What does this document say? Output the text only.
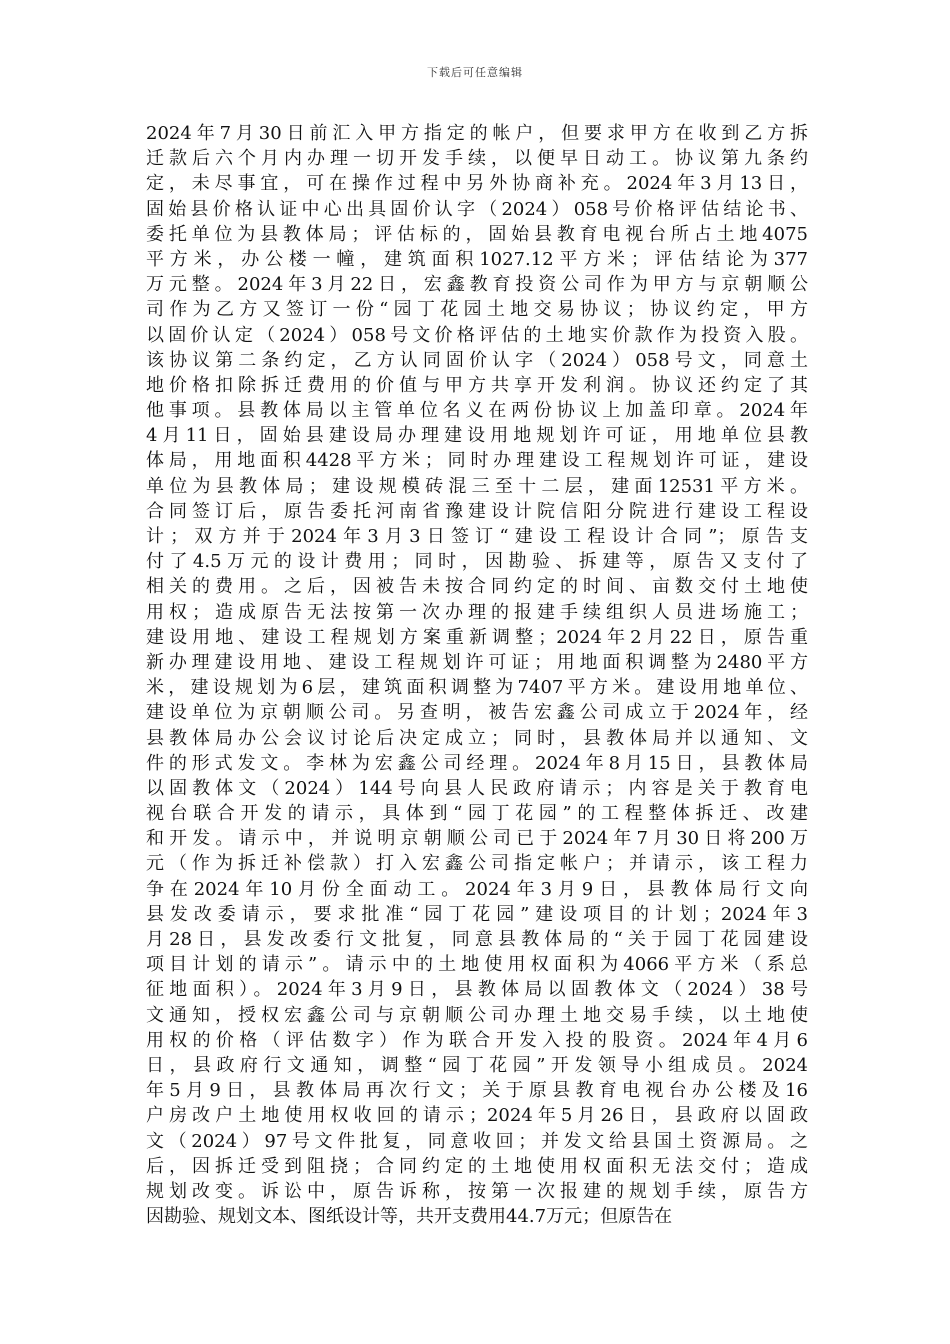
下载后可任意编辑
2024年7月30日前汇入甲方指定的帐户，但要求甲方在收到乙方拆
迁款后六个月内办理一切开发手续，以便早日动工。协议第九条约
定，未尽事宜，可在操作过程中另外协商补充。2024年3月13日，
固始县价格认证中心出具固价认字（2024）058号价格评估结论书、
委托单位为县教体局；评估标的，固始县教育电视台所占土地4075
平方米，办公楼一幢，建筑面积1027.12平方米；评估结论为377
万元整。2024年3月22日，宏鑫教育投资公司作为甲方与京朝顺公
司作为乙方又签订一份“园丁花园土地交易协议；协议约定，甲方
以固价认定（2024）058号文价格评估的土地实价款作为投资入股。
该协议第二条约定，乙方认同固价认字（2024）058号文，同意土
地价格扣除拆迁费用的价值与甲方共享开发利润。协议还约定了其
他事项。县教体局以主管单位名义在两份协议上加盖印章。2024年
4月11日，固始县建设局办理建设用地规划许可证，用地单位县教
体局，用地面积4428平方米；同时办理建设工程规划许可证，建设
单位为县教体局；建设规模砖混三至十二层，建面12531平方米。
合同签订后，原告委托河南省豫建设计院信阳分院进行建设工程设
计；双方并于2024年3月3日签订“建设工程设计合同”；原告支
付了4.5万元的设计费用；同时，因勘验、拆建等，原告又支付了
相关的费用。之后，因被告未按合同约定的时间、亩数交付土地使
用权；造成原告无法按第一次办理的报建手续组织人员进场施工；
建设用地、建设工程规划方案重新调整；2024年2月22日，原告重
新办理建设用地、建设工程规划许可证；用地面积调整为2480平方
米，建设规划为6层，建筑面积调整为7407平方米。建设用地单位、
建设单位为京朝顺公司。另查明，被告宏鑫公司成立于2024年，经
县教体局办公会议讨论后决定成立；同时，县教体局并以通知、文
件的形式发文。李林为宏鑫公司经理。2024年8月15日，县教体局
以固教体文（2024）144号向县人民政府请示；内容是关于教育电
视台联合开发的请示，具体到“园丁花园”的工程整体拆迁、改建
和开发。请示中，并说明京朝顺公司已于2024年7月30日将200万
元（作为拆迁补偿款）打入宏鑫公司指定帐户；并请示，该工程力
争在2024年10月份全面动工。2024年3月9日，县教体局行文向
县发改委请示，要求批准“园丁花园”建设项目的计划；2024年3
月28日，县发改委行文批复，同意县教体局的“关于园丁花园建设
项目计划的请示”。请示中的土地使用权面积为4066平方米（系总
征地面积）。2024年3月9日，县教体局以固教体文（2024）38号
文通知，授权宏鑫公司与京朝顺公司办理土地交易手续，以土地使
用权的价格（评估数字）作为联合开发入投的股资。2024年4月6
日，县政府行文通知，调整“园丁花园”开发领导小组成员。2024
年5月9日，县教体局再次行文；关于原县教育电视台办公楼及16
户房改户土地使用权收回的请示；2024年5月26日，县政府以固政
文（2024）97号文件批复，同意收回；并发文给县国土资源局。之
后，因拆迁受到阻挠；合同约定的土地使用权面积无法交付；造成
规划改变。诉讼中，原告诉称，按第一次报建的规划手续，原告方
因勘验、规划文本、图纸设计等，共开支费用44.7万元；但原告在
